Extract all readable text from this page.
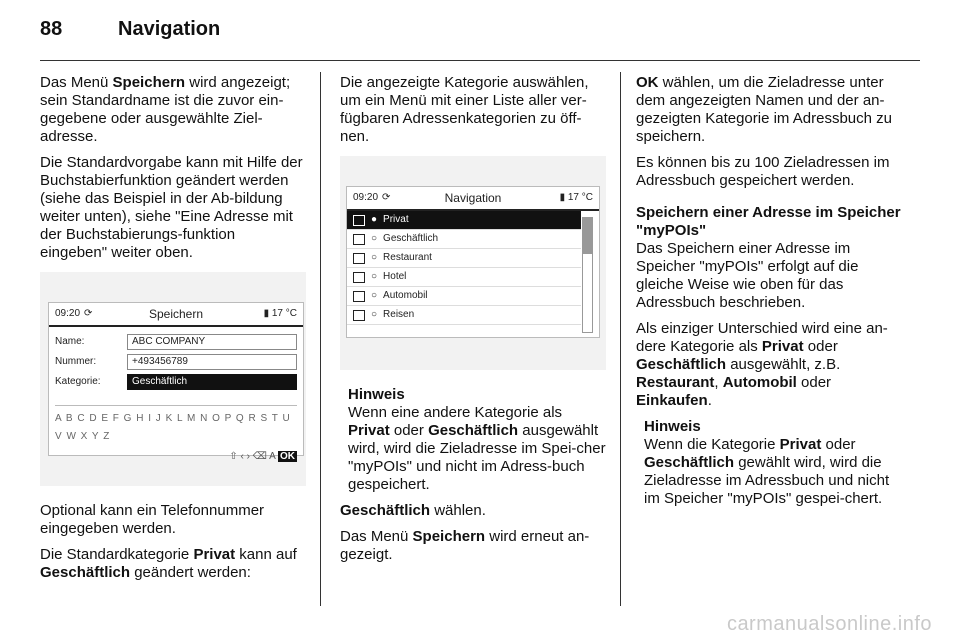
88	Navigation

Das Menü Speichern wird angezeigt; sein Standardname ist die zuvor ein-gegebene oder ausgewählte Ziel-adresse.

Die Standardvorgabe kann mit Hilfe der Buchstabierfunktion geändert werden (siehe das Beispiel in der Ab-bildung weiter unten), siehe "Eine Adresse mit der Buchstabierungs-funktion eingeben" weiter oben.

09:20 ⟳	Speichern	▮ 17 °C
Name:	ABC COMPANY
Nummer:	+493456789
Kategorie:	Geschäftlich
A B C D E F G H I J K L M N O P Q R S T U V W X Y Z
⇧ ‹ › ⌫ A OK

Optional kann ein Telefonnummer eingegeben werden.

Die Standardkategorie Privat kann auf Geschäftlich geändert werden:

Die angezeigte Kategorie auswählen, um ein Menü mit einer Liste aller ver-fügbaren Adressenkategorien zu öff-nen.

09:20 ⟳	Navigation	▮ 17 °C
● Privat
○ Geschäftlich
○ Restaurant
○ Hotel
○ Automobil
○ Reisen
Hinweis

Wenn eine andere Kategorie als Privat oder Geschäftlich ausgewählt wird, wird die Zieladresse im Spei-cher "myPOIs" und nicht im Adress-buch gespeichert.

Geschäftlich wählen.

Das Menü Speichern wird erneut an-gezeigt.

OK wählen, um die Zieladresse unter dem angezeigten Namen und der an-gezeigten Kategorie im Adressbuch zu speichern.

Es können bis zu 100 Zieladressen im Adressbuch gespeichert werden.

Speichern einer Adresse im Speicher "myPOIs"

Das Speichern einer Adresse im Speicher "myPOIs" erfolgt auf die gleiche Weise wie oben für das Adressbuch beschrieben.

Als einziger Unterschied wird eine an-dere Kategorie als Privat oder Geschäftlich ausgewählt, z.B. Restaurant, Automobil oder Einkaufen.

Hinweis

Wenn die Kategorie Privat oder Geschäftlich gewählt wird, wird die Zieladresse im Adressbuch und nicht im Speicher "myPOIs" gespei-chert.

carmanualsonline.info
